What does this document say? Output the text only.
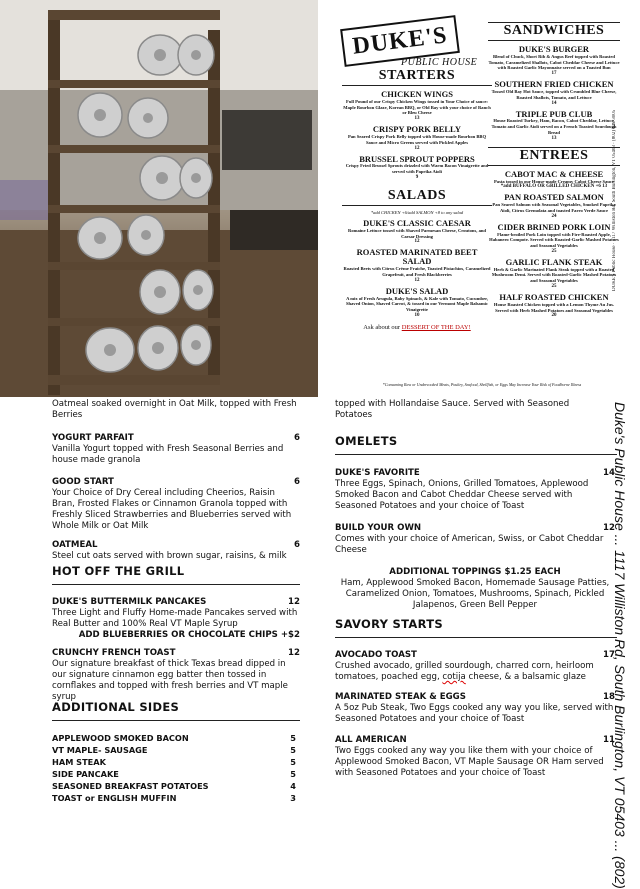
DUKE'S
PUBLIC HOUSE
STARTERS
CHICKEN WINGS
Full Pound of our Crispy Chicken Wings tossed in Your Choice of sauce: Maple Bourbon Glaze, Korean BBQ, or Old Bay with your choice of Ranch or Bleu Cheese
13
CRISPY PORK BELLY
Pan Seared Crispy Pork Belly topped with House-made Bourbon BBQ Sauce and Micro Greens served with Pickled Apples
12
BRUSSEL SPROUT POPPERS
Crispy Fried Brussel Sprouts drizzled with Warm Bacon Vinaigrette and served with Paprika Aioli
9
SALADS
*add CHICKEN +6/add SALMON +8 to any salad
DUKE'S CLASSIC CAESAR
Romaine Lettuce tossed with Shaved Parmesan Cheese, Croutons, and Caesar Dressing
12
ROASTED MARINATED BEET SALAD
Roasted Beets with Citrus Crème Fraiche, Toasted Pistachios, Caramelized Grapefruit, and Fresh Blackberries
12
DUKE'S SALAD
A mix of Fresh Arugula, Baby Spinach, & Kale with Tomato, Cucumber, Shaved Onion, Shaved Carrot, & tossed in our Vermont Maple Balsamic Vinaigrette
10
Ask about our DESSERT OF THE DAY!
SANDWICHES
DUKE'S BURGER
Blend of Chuck, Short Rib & Angus Beef topped with Roasted Tomato, Caramelized Shallots, Cabot Cheddar Cheese and Lettuce with Roasted Garlic Mayonnaise served on a Toasted Bun
17
SOUTHERN FRIED CHICKEN
Tossed Old Bay Hot Sauce, topped with Crumbled Blue Cheese, Roasted Shallots, Tomato, and Lettuce
14
TRIPLE PUB CLUB
House Roasted Turkey, Ham, Bacon, Cabot Cheddar, Lettuce, Tomato and Garlic Aioli served on a French Toasted Sourdough Bread
13
ENTREES
CABOT MAC & CHEESE
Pasta tossed in our House-made Creamy Cabot Cheese Sauce
*add BUFFALO OR GRILLED CHICKEN +6 13
PAN ROASTED SALMON
Pan Seared Salmon with Seasonal Vegetables, Smoked Paprika Aioli, Citrus Gremolata and toasted Farro Verde Sauce
24
CIDER BRINED PORK LOIN
Flame-broiled Pork Loin topped with Fire-Roasted Apple, Habanero Compote. Served with Roasted-Garlic Mashed Potatoes and Seasonal Vegetables
25
GARLIC FLANK STEAK
Herb & Garlic Marinated Flank Steak topped with a Roasted Mushroom Demi. Served with Roasted-Garlic Mashed Potatoes and Seasonal Vegetables
25
HALF ROASTED CHICKEN
House Roasted Chicken topped with a Lemon Thyme Au Jus. Served with Herb Mashed Potatoes and Seasonal Vegetables
20
DUKE'S Public House · 1117 Williston Rd, South Burlington, VT 05403 · (802) 448-3005
*Consuming Raw or Undercooked Meats, Poultry, Seafood, Shellfish, or Eggs May Increase Your Risk of Foodborne Illness
Oatmeal soaked overnight in Oat Milk, topped with Fresh Berries
YOGURT PARFAIT	6
Vanilla Yogurt topped with Fresh Seasonal Berries and house made granola
GOOD START	6
Your Choice of Dry Cereal including Cheerios, Raisin Bran, Frosted Flakes or Cinnamon Granola topped with Freshly Sliced Strawberries and Blueberries served with Whole Milk or Oat Milk
OATMEAL	6
Steel cut oats served with brown sugar, raisins, & milk
HOT OFF THE GRILL
DUKE'S BUTTERMILK PANCAKES	12
Three Light and Fluffy Home-made Pancakes served with Real Butter and 100% Real VT Maple Syrup
ADD BLUEBERRIES OR CHOCOLATE CHIPS +$2
CRUNCHY FRENCH TOAST	12
Our signature breakfast of thick Texas bread dipped in our signature cinnamon egg batter then tossed in cornflakes and topped with fresh berries and VT maple syrup
ADDITIONAL SIDES
APPLEWOOD SMOKED BACON	5
VT MAPLE- SAUSAGE	5
HAM STEAK	5
SIDE PANCAKE	5
SEASONED BREAKFAST POTATOES	4
TOAST or ENGLISH MUFFIN	3
topped with Hollandaise Sauce. Served with Seasoned Potatoes
OMELETS
DUKE'S FAVORITE	14
Three Eggs, Spinach, Onions, Grilled Tomatoes, Applewood Smoked Bacon and Cabot Cheddar Cheese served with Seasoned Potatoes and your choice of Toast
BUILD YOUR OWN	12
Comes with your choice of American, Swiss, or Cabot Cheddar Cheese
ADDITIONAL TOPPINGS $1.25 EACH
Ham, Applewood Smoked Bacon, Homemade Sausage Patties, Caramelized Onion, Tomatoes, Mushrooms, Spinach, Pickled Jalapenos, Green Bell Pepper
SAVORY STARTS
AVOCADO TOAST	17
Crushed avocado, grilled sourdough, charred corn, heirloom tomatoes, poached egg, cotija cheese, & a balsamic glaze
MARINATED STEAK & EGGS	18
A 5oz Pub Steak, Two Eggs cooked any way you like, served with Seasoned Potatoes and your choice of Toast
ALL AMERICAN	11
Two Eggs cooked any way you like them with your choice of Applewood Smoked Bacon, VT Maple Sausage OR Ham served with Seasoned Potatoes and your choice of Toast	Duke's Public House ... 1117 Williston Rd, South Burlington, VT 05403 ... (802)
